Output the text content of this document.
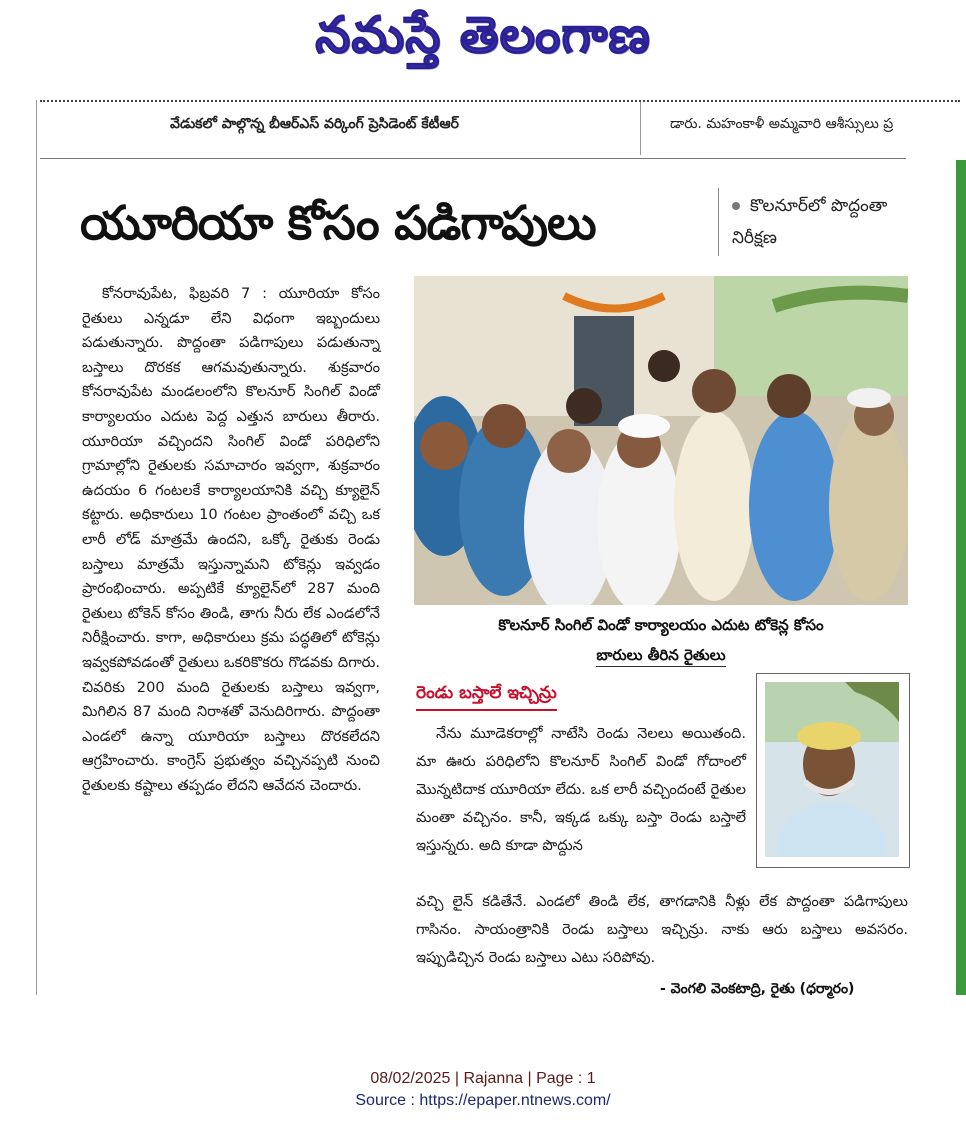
నమస్తే తెలంగాణ
వేడుకలో పాల్గొన్న బీఆర్‌ఎస్ వర్కింగ్ ప్రెసిడెంట్ కేటీఆర్	డారు. మహంకాళీ అమ్మవారి ఆశీస్సులు ప్ర
యూరియా కోసం పడిగాపులు	కొలనూర్‌లో పొద్దంతా నిరీక్షణ

కోనరావుపేట, ఫిబ్రవరి 7 : యూరియా కోసం రైతులు ఎన్నడూ లేని విధంగా ఇబ్బందులు పడుతున్నారు. పొద్దంతా పడిగాపులు పడుతున్నా బస్తాలు దొరకక ఆగమవుతున్నారు. శుక్రవారం కోనరావుపేట మండలంలోని కొలనూర్ సింగిల్ విండో కార్యాలయం ఎదుట పెద్ద ఎత్తున బారులు తీరారు. యూరియా వచ్చిందని సింగిల్ విండో పరిధిలోని గ్రామాల్లోని రైతులకు సమాచారం ఇవ్వగా, శుక్రవారం ఉదయం 6 గంటలకే కార్యాలయానికి వచ్చి క్యూలైన్ కట్టారు. అధికారులు 10 గంటల ప్రాంతంలో వచ్చి ఒక లారీ లోడ్ మాత్రమే ఉందని, ఒక్కో రైతుకు రెండు బస్తాలు మాత్రమే ఇస్తున్నామని టోకెన్లు ఇవ్వడం ప్రారంభించారు. అప్పటికే క్యూలైన్‌లో 287 మంది రైతులు టోకెన్ కోసం తిండి, తాగు నీరు లేక ఎండలోనే నిరీక్షించారు. కాగా, అధికారులు క్రమ పద్ధతిలో టోకెన్లు ఇవ్వకపోవడంతో రైతులు ఒకరికొకరు గొడవకు దిగారు. చివరికు 200 మంది రైతులకు బస్తాలు ఇవ్వగా, మిగిలిన 87 మంది నిరాశతో వెనుదిరిగారు. పొద్దంతా ఎండలో ఉన్నా యూరియా బస్తాలు దొరకలేదని ఆగ్రహించారు. కాంగ్రెస్ ప్రభుత్వం వచ్చినప్పటి నుంచి రైతులకు కష్టాలు తప్పడం లేదని ఆవేదన చెందారు.

కొలనూర్ సింగిల్ విండో కార్యాలయం ఎదుట టోకెన్ల కోసం
బారులు తీరిన రైతులు
రెండు బస్తాలే ఇచ్చిన్రు

నేను మూడెకరాల్లో నాటేసి రెండు నెలలు అయితంది. మా ఊరు పరిధిలోని కొలనూర్ సింగిల్ విండో గోదాంలో మొన్నటిదాక యూరియా లేదు. ఒక లారీ వచ్చిందంటే రైతుల మంతా వచ్చినం. కానీ, ఇక్కడ ఒక్కు బస్తా రెండు బస్తాలే ఇస్తున్నరు. అది కూడా పొద్దున

వచ్చి లైన్ కడితేనే. ఎండలో తిండి లేక, తాగడానికి నీళ్లు లేక పొద్దంతా పడిగాపులు గాసినం. సాయంత్రానికి రెండు బస్తాలు ఇచ్చిన్రు. నాకు ఆరు బస్తాలు అవసరం. ఇప్పుడిచ్చిన రెండు బస్తాలు ఎటు సరిపోవు.
- వెంగలి వెంకటాద్రి, రైతు (ధర్మారం)
08/02/2025 | Rajanna | Page : 1
Source : https://epaper.ntnews.com/
